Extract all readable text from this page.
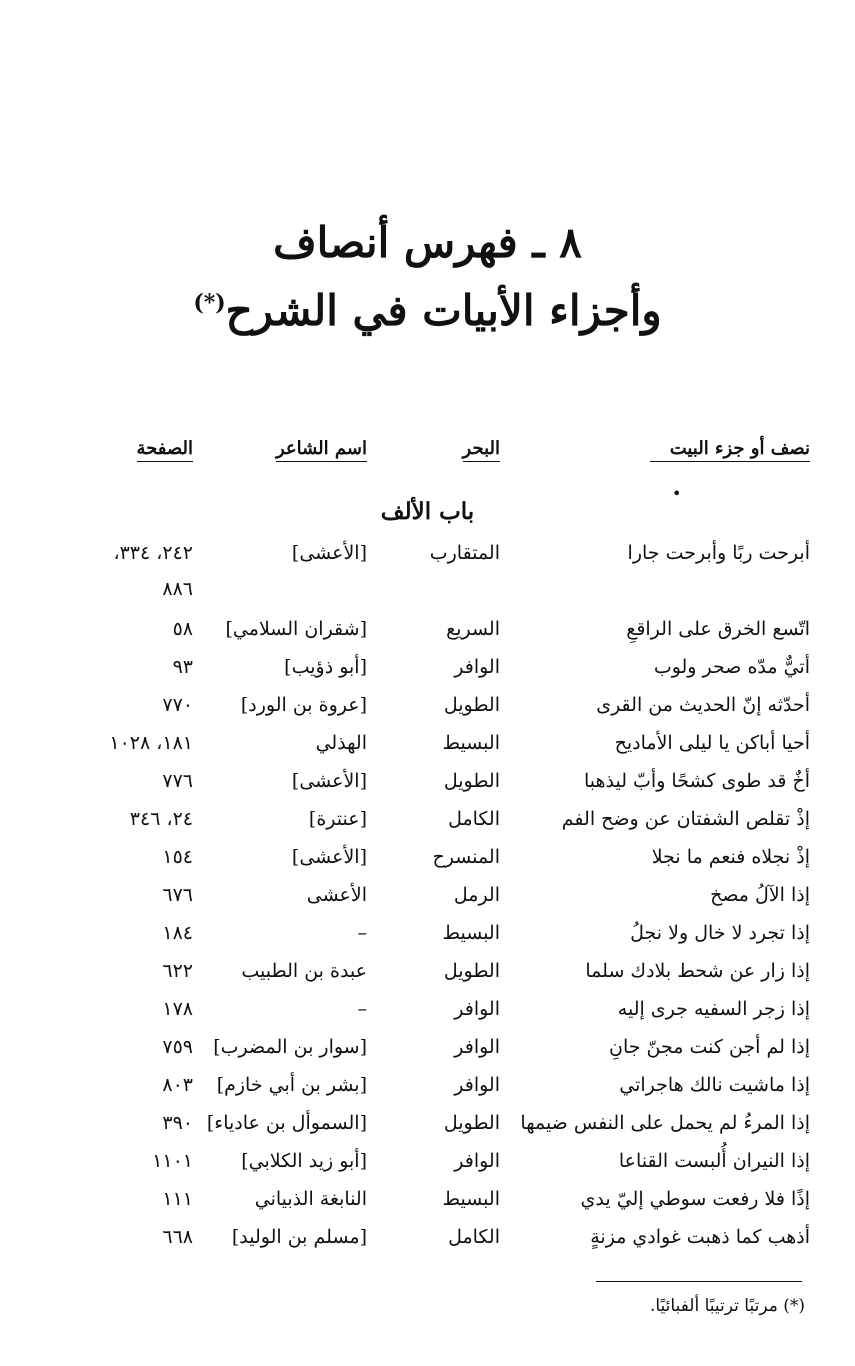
٨ ـ فهرس أنصاف
وأجزاء الأبيات في الشرح(*)
نصف أو جزء البيت
البحر
اسم الشاعر
الصفحة
•
باب الألف
أبرحت ربًا وأبرحت جارا
المتقارب
[الأعشى]
٢٤٢، ٣٣٤،
٨٨٦
اتّسع الخرق على الراقعِ
السريع
[شقران السلامي]
٥٨
أتيٌّ مدّه صحر ولوب
الوافر
[أبو ذؤيب]
٩٣
أحدّثه إنّ الحديث من القرى
الطويل
[عروة بن الورد]
٧٧٠
أحيا أباكن يا ليلى الأماديح
البسيط
الهذلي
١٨١، ١٠٢٨
أخٌ قد طوى كشحًا وأبّ ليذهبا
الطويل
[الأعشى]
٧٧٦
إذْ تقلص الشفتان عن وضح الفم
الكامل
[عنترة]
٢٤، ٣٤٦
إذْ نجلاه فنعم ما نجلا
المنسرح
[الأعشى]
١٥٤
إذا الآلُ مصخ
الرمل
الأعشى
٦٧٦
إذا تجرد لا خال ولا نجلُ
البسيط
–
١٨٤
إذا زار عن شحط بلادك سلما
الطويل
عبدة بن الطبيب
٦٢٢
إذا زجر السفيه جرى إليه
الوافر
–
١٧٨
إذا لم أجن كنت مجنّ جانِ
الوافر
[سوار بن المضرب]
٧٥٩
إذا ماشيت نالك هاجراتي
الوافر
[بشر بن أبي خازم]
٨٠٣
إذا المرءُ لم يحمل على النفس ضيمها
الطويل
[السموأل بن عادياء]
٣٩٠
إذا النيران أُلبست القناعا
الوافر
[أبو زيد الكلابي]
١١٠١
إذًا فلا رفعت سوطي إليّ يدي
البسيط
النابغة الذبياني
١١١
أذهب كما ذهبت غوادي مزنةٍ
الكامل
[مسلم بن الوليد]
٦٦٨
(*) مرتبًا ترتيبًا ألفبائيًا.
